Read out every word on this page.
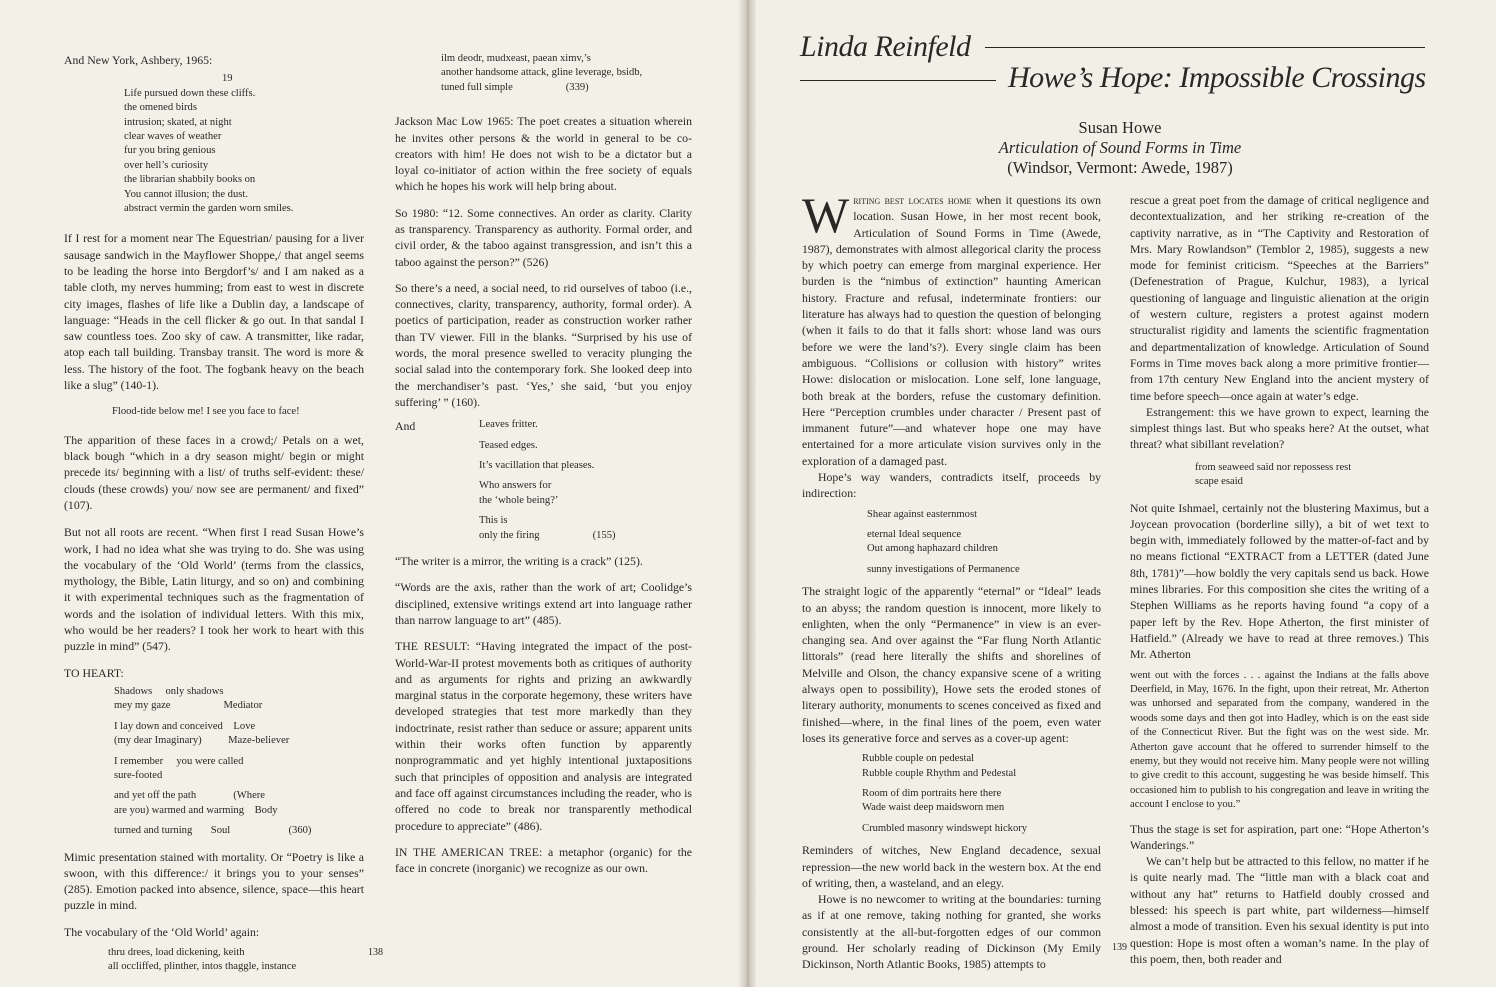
And New York, Ashbery, 1965:

19
Life pursued down these cliffs.
the omened birds
intrusion; skated, at night
clear waves of weather
fur you bring genious
over hell’s curiosity
the librarian shabbily books on
You cannot illusion; the dust.
abstract vermin the garden worn smiles.

If I rest for a moment near The Equestrian/ pausing for a liver sausage sandwich in the Mayflower Shoppe,/ that angel seems to be leading the horse into Bergdorf’s/ and I am naked as a table cloth, my nerves humming; from east to west in discrete city images, flashes of life like a Dublin day, a landscape of language: “Heads in the cell flicker & go out. In that sandal I saw countless toes. Zoo sky of caw. A transmitter, like radar, atop each tall building. Transbay transit. The word is more & less. The history of the foot. The fogbank heavy on the beach like a slug” (140-1).

Flood-tide below me! I see you face to face!

The apparition of these faces in a crowd;/ Petals on a wet, black bough “which in a dry season might/ begin or might precede its/ beginning with a list/ of truths self-evident: these/ clouds (these crowds) you/ now see are permanent/ and fixed” (107).

But not all roots are recent. “When first I read Susan Howe’s work, I had no idea what she was trying to do. She was using the vocabulary of the ‘Old World’ (terms from the classics, mythology, the Bible, Latin liturgy, and so on) and combining it with experimental techniques such as the fragmentation of words and the isolation of individual letters. With this mix, who would be her readers? I took her work to heart with this puzzle in mind” (547).

TO HEART:

Shadows     only shadows
mey my gaze                    Mediator

I lay down and conceived    Love
(my dear Imaginary)          Maze-believer

I remember     you were called
sure-footed

and yet off the path              (Where
are you) warmed and warming    Body

turned and turning       Soul                      (360)

Mimic presentation stained with mortality. Or “Poetry is like a swoon, with this difference:/ it brings you to your senses” (285). Emotion packed into absence, silence, space—this heart puzzle in mind.

The vocabulary of the ‘Old World’ again:

thru drees, load dickening, keith
all occliffed, plinther, intos thaggle, instance
ilm deodr, mudxeast, paean ximv,’s
another handsome attack, gline leverage, bsidb,
tuned full simple                    (339)

Jackson Mac Low 1965: The poet creates a situation wherein he invites other persons & the world in general to be co-creators with him! He does not wish to be a dictator but a loyal co-initiator of action within the free society of equals which he hopes his work will help bring about.

So 1980: “12. Some connectives. An order as clarity. Clarity as transparency. Transparency as authority. Formal order, and civil order, & the taboo against transgression, and isn’t this a taboo against the person?” (526)

So there’s a need, a social need, to rid ourselves of taboo (i.e., connectives, clarity, transparency, authority, formal order). A poetics of participation, reader as construction worker rather than TV viewer. Fill in the blanks. “Surprised by his use of words, the moral presence swelled to veracity plunging the social salad into the contemporary fork. She looked deep into the merchandiser’s past. ‘Yes,’ she said, ‘but you enjoy suffering’ ” (160).

And	Leaves fritter.

Teased edges.

It’s vacillation that pleases.

Who answers for
the ‘whole being?’

This is
only the firing                    (155)

“The writer is a mirror, the writing is a crack” (125).

“Words are the axis, rather than the work of art; Coolidge’s disciplined, extensive writings extend art into language rather than narrow language to art” (485).

THE RESULT: “Having integrated the impact of the post-World-War-II protest movements both as critiques of authority and as arguments for rights and prizing an awkwardly marginal status in the corporate hegemony, these writers have developed strategies that test more markedly than they indoctrinate, resist rather than seduce or assure; apparent units within their works often function by apparently nonprogrammatic and yet highly intentional juxtapositions such that principles of opposition and analysis are integrated and face off against circumstances including the reader, who is offered no code to break nor transparently methodical procedure to appreciate” (486).

IN THE AMERICAN TREE: a metaphor (organic) for the face in concrete (inorganic) we recognize as our own.

138
Linda Reinfeld
Howe’s Hope: Impossible Crossings
Susan Howe
Articulation of Sound Forms in Time
(Windsor, Vermont: Awede, 1987)

Writing best locates home when it questions its own location. Susan Howe, in her most recent book, Articulation of Sound Forms in Time (Awede, 1987), demonstrates with almost allegorical clarity the process by which poetry can emerge from marginal experience. Her burden is the “nimbus of extinction” haunting American history. Fracture and refusal, indeterminate frontiers: our literature has always had to question the question of belonging (when it fails to do that it falls short: whose land was ours before we were the land’s?). Every single claim has been ambiguous. “Collisions or collusion with history” writes Howe: dislocation or mislocation. Lone self, lone language, both break at the borders, refuse the customary definition. Here “Perception crumbles under character / Present past of immanent future”—and whatever hope one may have entertained for a more articulate vision survives only in the exploration of a damaged past.

Hope’s way wanders, contradicts itself, proceeds by indirection:

Shear against easternmost

eternal Ideal sequence
Out among haphazard children

sunny investigations of Permanence

The straight logic of the apparently “eternal” or “Ideal” leads to an abyss; the random question is innocent, more likely to enlighten, when the only “Permanence” in view is an ever-changing sea. And over against the “Far flung North Atlantic littorals” (read here literally the shifts and shorelines of Melville and Olson, the chancy expansive scene of a writing always open to possibility), Howe sets the eroded stones of literary authority, monuments to scenes conceived as fixed and finished—where, in the final lines of the poem, even water loses its generative force and serves as a cover-up agent:

Rubble couple on pedestal
Rubble couple Rhythm and Pedestal

Room of dim portraits here there
Wade waist deep maidsworn men

Crumbled masonry windswept hickory

Reminders of witches, New England decadence, sexual repression—the new world back in the western box. At the end of writing, then, a wasteland, and an elegy.

Howe is no newcomer to writing at the boundaries: turning as if at one remove, taking nothing for granted, she works consistently at the all-but-forgotten edges of our common ground. Her scholarly reading of Dickinson (My Emily Dickinson, North Atlantic Books, 1985) attempts to

rescue a great poet from the damage of critical negligence and decontextualization, and her striking re-creation of the captivity narrative, as in “The Captivity and Restoration of Mrs. Mary Rowlandson” (Temblor 2, 1985), suggests a new mode for feminist criticism. “Speeches at the Barriers” (Defenestration of Prague, Kulchur, 1983), a lyrical questioning of language and linguistic alienation at the origin of western culture, registers a protest against modern structuralist rigidity and laments the scientific fragmentation and departmentalization of knowledge. Articulation of Sound Forms in Time moves back along a more primitive frontier—from 17th century New England into the ancient mystery of time before speech—once again at water’s edge.

Estrangement: this we have grown to expect, learning the simplest things last. But who speaks here? At the outset, what threat? what sibillant revelation?

from seaweed said nor repossess rest
scape esaid

Not quite Ishmael, certainly not the blustering Maximus, but a Joycean provocation (borderline silly), a bit of wet text to begin with, immediately followed by the matter-of-fact and by no means fictional “EXTRACT from a LETTER (dated June 8th, 1781)”—how boldly the very capitals send us back. Howe mines libraries. For this composition she cites the writing of a Stephen Williams as he reports having found “a copy of a paper left by the Rev. Hope Atherton, the first minister of Hatfield.” (Already we have to read at three removes.) This Mr. Atherton

went out with the forces . . . against the Indians at the falls above Deerfield, in May, 1676. In the fight, upon their retreat, Mr. Atherton was unhorsed and separated from the company, wandered in the woods some days and then got into Hadley, which is on the east side of the Connecticut River. But the fight was on the west side. Mr. Atherton gave account that he offered to surrender himself to the enemy, but they would not receive him. Many people were not willing to give credit to this account, suggesting he was beside himself. This occasioned him to publish to his congregation and leave in writing the account I enclose to you.”

Thus the stage is set for aspiration, part one: “Hope Atherton’s Wanderings.”

We can’t help but be attracted to this fellow, no matter if he is quite nearly mad. The “little man with a black coat and without any hat” returns to Hatfield doubly crossed and blessed: his speech is part white, part wilderness—himself almost a mode of transition. Even his sexual identity is put into question: Hope is most often a woman’s name. In the play of this poem, then, both reader and

139
